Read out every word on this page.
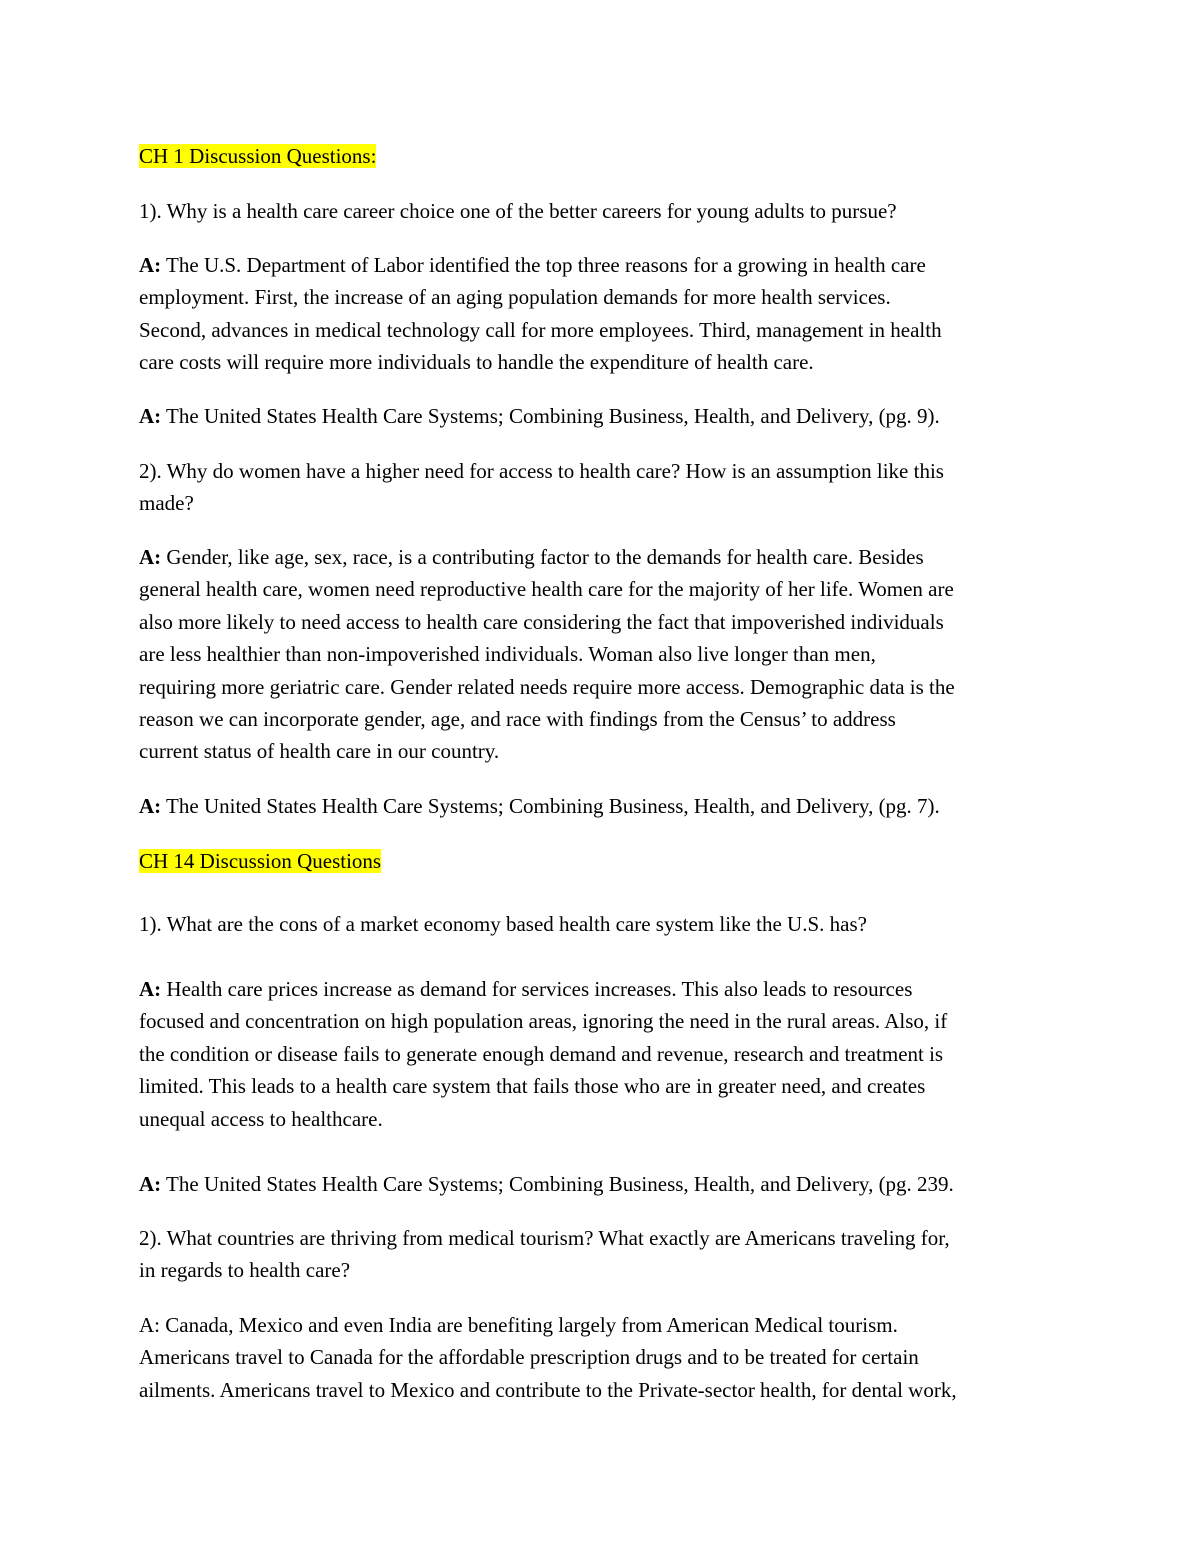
CH 1 Discussion Questions:

1). Why is a health care career choice one of the better careers for young adults to pursue?

A: The U.S. Department of Labor identified the top three reasons for a growing in health care
employment. First, the increase of an aging population demands for more health services.
Second, advances in medical technology call for more employees. Third, management in health
care costs will require more individuals to handle the expenditure of health care.

A: The United States Health Care Systems; Combining Business, Health, and Delivery, (pg. 9).

2). Why do women have a higher need for access to health care? How is an assumption like this
made?

A: Gender, like age, sex, race, is a contributing factor to the demands for health care. Besides
general health care, women need reproductive health care for the majority of her life. Women are
also more likely to need access to health care considering the fact that impoverished individuals
are less healthier than non-impoverished individuals. Woman also live longer than men,
requiring more geriatric care. Gender related needs require more access. Demographic data is the
reason we can incorporate gender, age, and race with findings from the Census’ to address
current status of health care in our country.

A: The United States Health Care Systems; Combining Business, Health, and Delivery, (pg. 7).

CH 14 Discussion Questions

1). What are the cons of a market economy based health care system like the U.S. has?

A: Health care prices increase as demand for services increases. This also leads to resources
focused and concentration on high population areas, ignoring the need in the rural areas. Also, if
the condition or disease fails to generate enough demand and revenue, research and treatment is
limited. This leads to a health care system that fails those who are in greater need, and creates
unequal access to healthcare.

A: The United States Health Care Systems; Combining Business, Health, and Delivery, (pg. 239.

2). What countries are thriving from medical tourism? What exactly are Americans traveling for,
in regards to health care?

A: Canada, Mexico and even India are benefiting largely from American Medical tourism.
Americans travel to Canada for the affordable prescription drugs and to be treated for certain
ailments. Americans travel to Mexico and contribute to the Private-sector health, for dental work,
